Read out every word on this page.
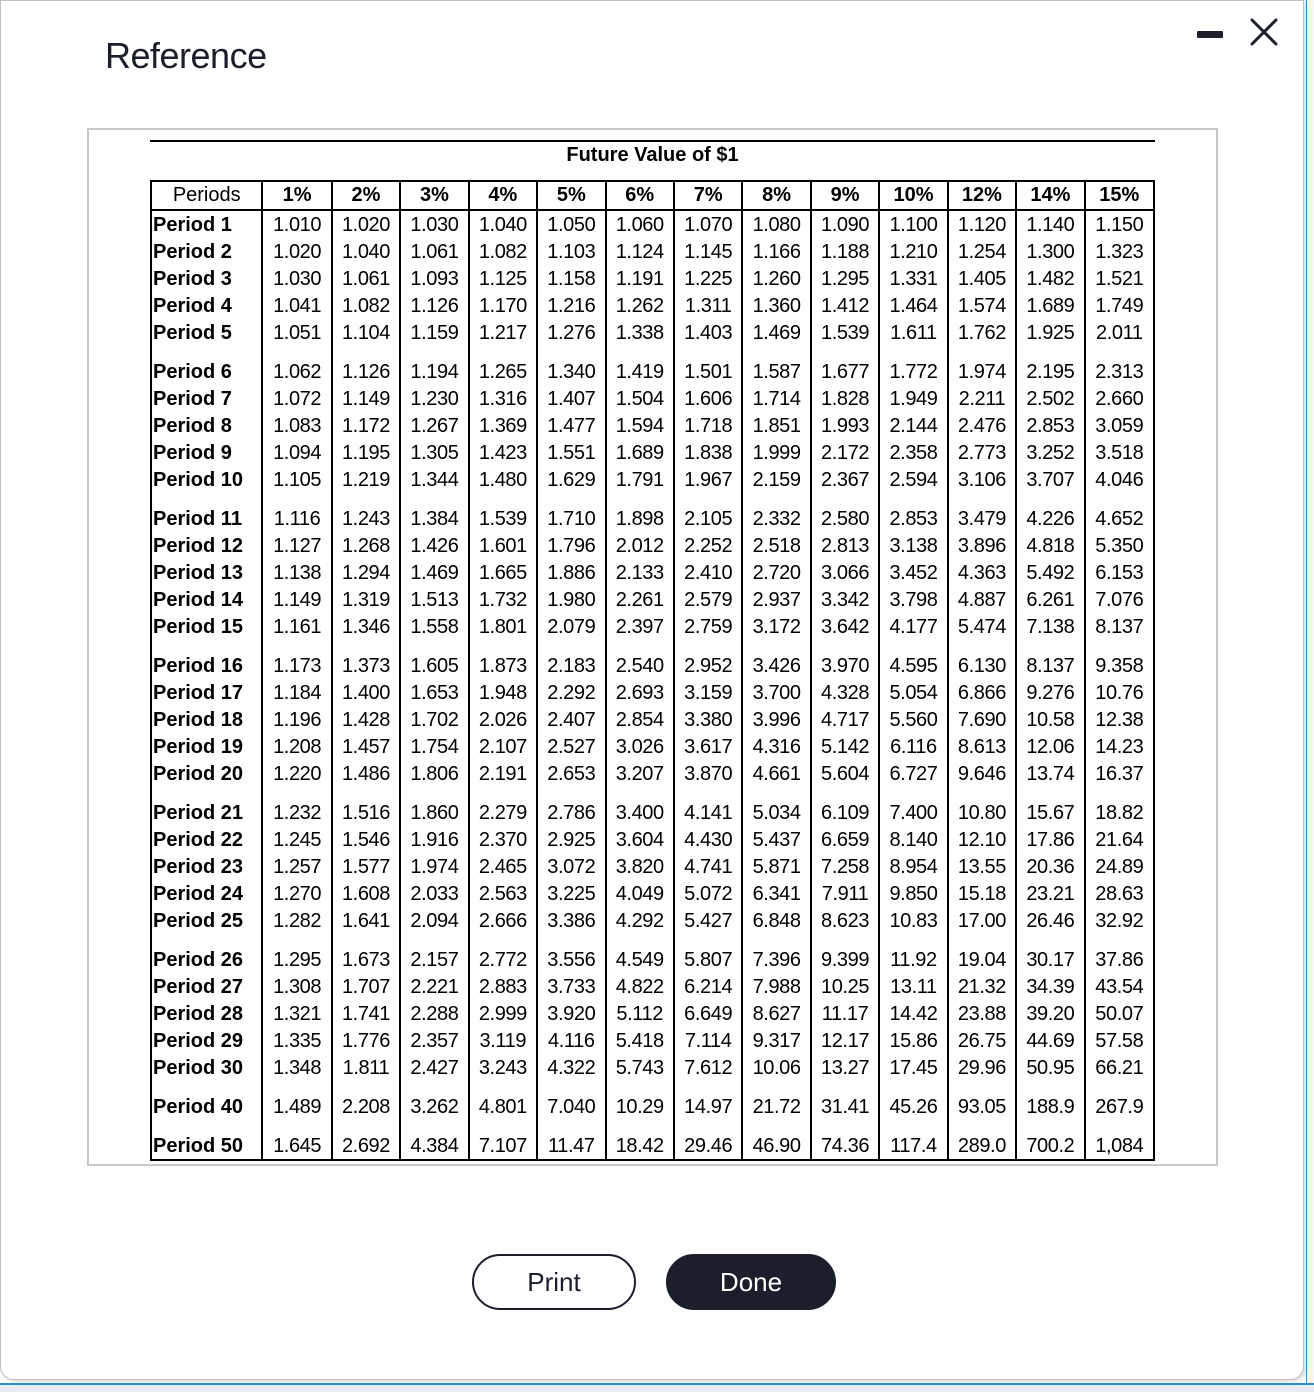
Reference
Future Value of $1
Periods	1%	2%	3%	4%	5%	6%	7%	8%	9%	10%	12%	14%	15%
Period 1	1.010	1.020	1.030	1.040	1.050	1.060	1.070	1.080	1.090	1.100	1.120	1.140	1.150
Period 2	1.020	1.040	1.061	1.082	1.103	1.124	1.145	1.166	1.188	1.210	1.254	1.300	1.323
Period 3	1.030	1.061	1.093	1.125	1.158	1.191	1.225	1.260	1.295	1.331	1.405	1.482	1.521
Period 4	1.041	1.082	1.126	1.170	1.216	1.262	1.311	1.360	1.412	1.464	1.574	1.689	1.749
Period 5	1.051	1.104	1.159	1.217	1.276	1.338	1.403	1.469	1.539	1.611	1.762	1.925	2.011
Period 6	1.062	1.126	1.194	1.265	1.340	1.419	1.501	1.587	1.677	1.772	1.974	2.195	2.313
Period 7	1.072	1.149	1.230	1.316	1.407	1.504	1.606	1.714	1.828	1.949	2.211	2.502	2.660
Period 8	1.083	1.172	1.267	1.369	1.477	1.594	1.718	1.851	1.993	2.144	2.476	2.853	3.059
Period 9	1.094	1.195	1.305	1.423	1.551	1.689	1.838	1.999	2.172	2.358	2.773	3.252	3.518
Period 10	1.105	1.219	1.344	1.480	1.629	1.791	1.967	2.159	2.367	2.594	3.106	3.707	4.046
Period 11	1.116	1.243	1.384	1.539	1.710	1.898	2.105	2.332	2.580	2.853	3.479	4.226	4.652
Period 12	1.127	1.268	1.426	1.601	1.796	2.012	2.252	2.518	2.813	3.138	3.896	4.818	5.350
Period 13	1.138	1.294	1.469	1.665	1.886	2.133	2.410	2.720	3.066	3.452	4.363	5.492	6.153
Period 14	1.149	1.319	1.513	1.732	1.980	2.261	2.579	2.937	3.342	3.798	4.887	6.261	7.076
Period 15	1.161	1.346	1.558	1.801	2.079	2.397	2.759	3.172	3.642	4.177	5.474	7.138	8.137
Period 16	1.173	1.373	1.605	1.873	2.183	2.540	2.952	3.426	3.970	4.595	6.130	8.137	9.358
Period 17	1.184	1.400	1.653	1.948	2.292	2.693	3.159	3.700	4.328	5.054	6.866	9.276	10.76
Period 18	1.196	1.428	1.702	2.026	2.407	2.854	3.380	3.996	4.717	5.560	7.690	10.58	12.38
Period 19	1.208	1.457	1.754	2.107	2.527	3.026	3.617	4.316	5.142	6.116	8.613	12.06	14.23
Period 20	1.220	1.486	1.806	2.191	2.653	3.207	3.870	4.661	5.604	6.727	9.646	13.74	16.37
Period 21	1.232	1.516	1.860	2.279	2.786	3.400	4.141	5.034	6.109	7.400	10.80	15.67	18.82
Period 22	1.245	1.546	1.916	2.370	2.925	3.604	4.430	5.437	6.659	8.140	12.10	17.86	21.64
Period 23	1.257	1.577	1.974	2.465	3.072	3.820	4.741	5.871	7.258	8.954	13.55	20.36	24.89
Period 24	1.270	1.608	2.033	2.563	3.225	4.049	5.072	6.341	7.911	9.850	15.18	23.21	28.63
Period 25	1.282	1.641	2.094	2.666	3.386	4.292	5.427	6.848	8.623	10.83	17.00	26.46	32.92
Period 26	1.295	1.673	2.157	2.772	3.556	4.549	5.807	7.396	9.399	11.92	19.04	30.17	37.86
Period 27	1.308	1.707	2.221	2.883	3.733	4.822	6.214	7.988	10.25	13.11	21.32	34.39	43.54
Period 28	1.321	1.741	2.288	2.999	3.920	5.112	6.649	8.627	11.17	14.42	23.88	39.20	50.07
Period 29	1.335	1.776	2.357	3.119	4.116	5.418	7.114	9.317	12.17	15.86	26.75	44.69	57.58
Period 30	1.348	1.811	2.427	3.243	4.322	5.743	7.612	10.06	13.27	17.45	29.96	50.95	66.21
Period 40	1.489	2.208	3.262	4.801	7.040	10.29	14.97	21.72	31.41	45.26	93.05	188.9	267.9
Period 50	1.645	2.692	4.384	7.107	11.47	18.42	29.46	46.90	74.36	117.4	289.0	700.2	1,084
Print	Done
